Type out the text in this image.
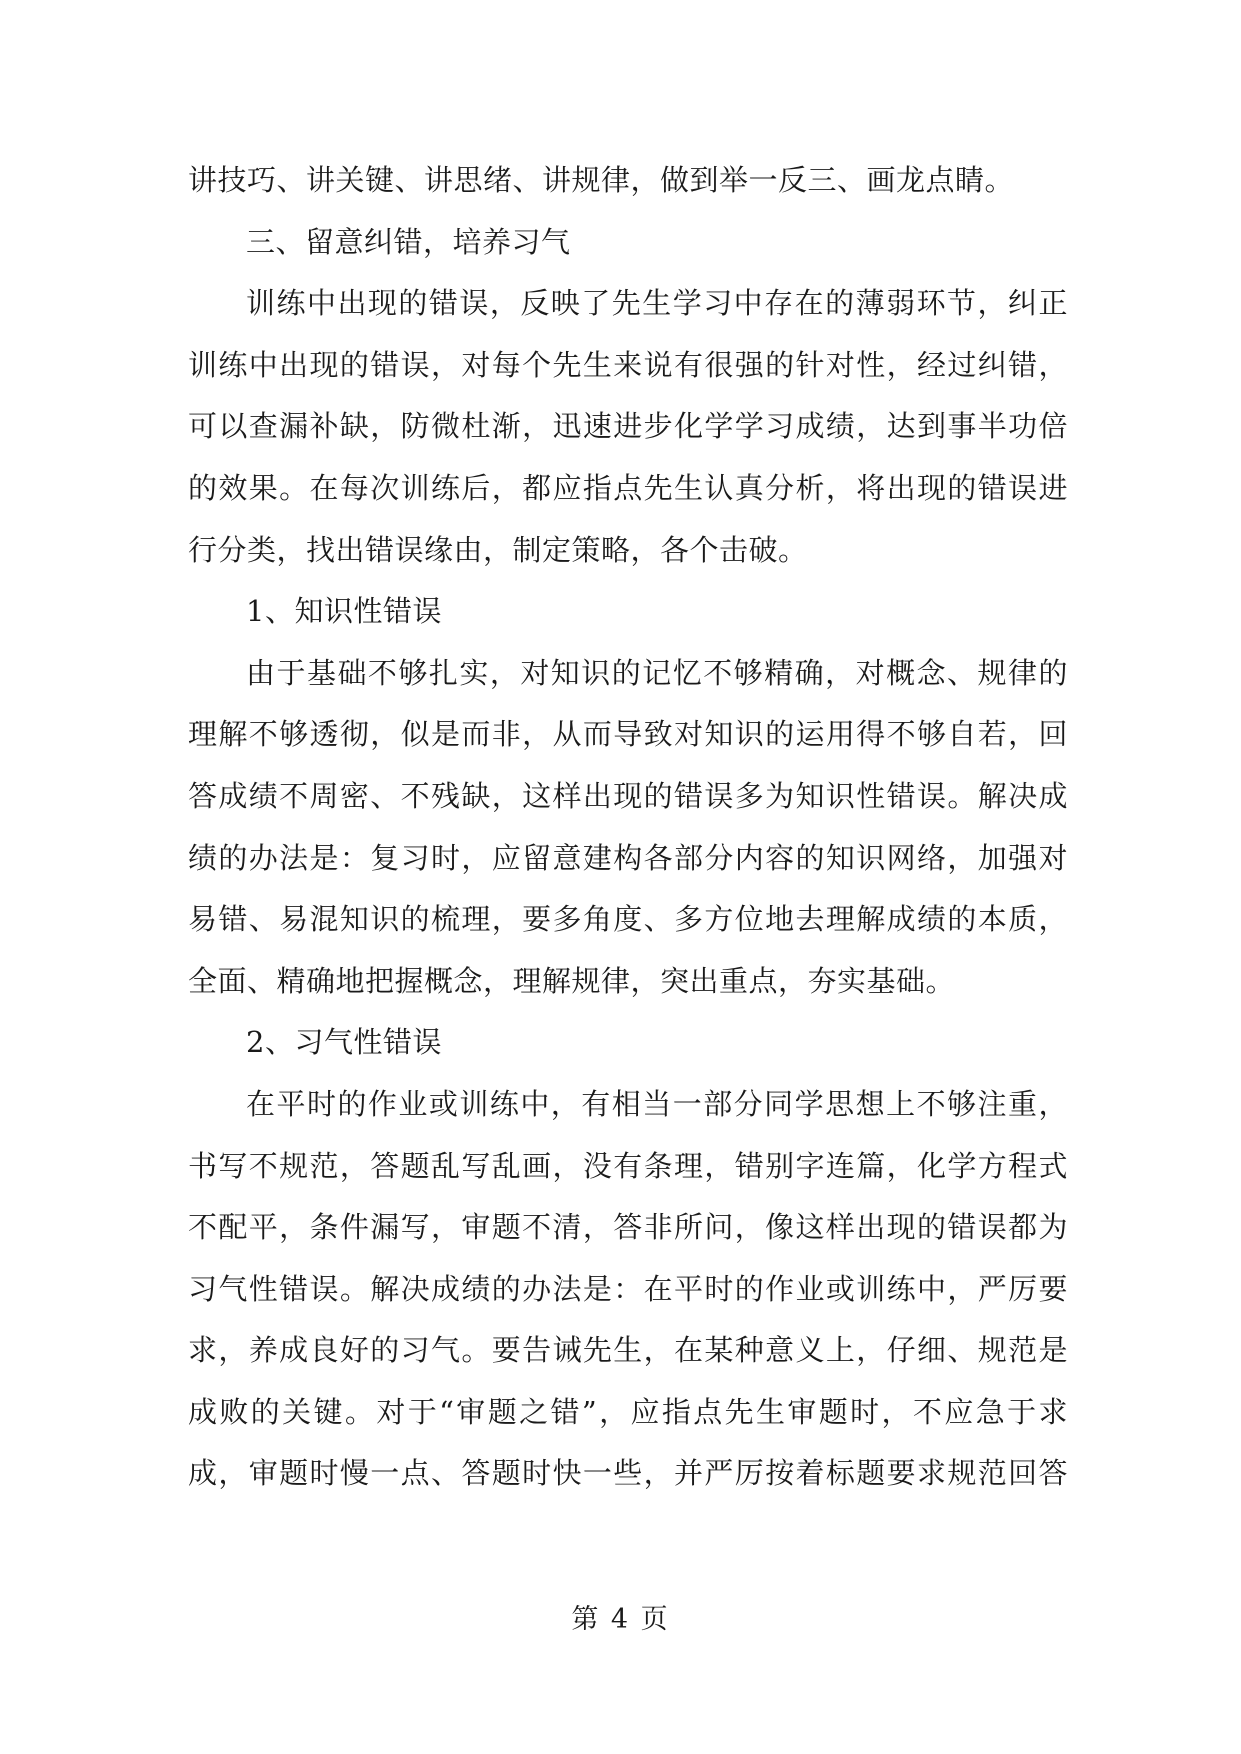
讲技巧、讲关键、讲思绪、讲规律，做到举一反三、画龙点睛。
三、留意纠错，培养习气
训练中出现的错误，反映了先生学习中存在的薄弱环节，纠正
训练中出现的错误，对每个先生来说有很强的针对性，经过纠错，
可以查漏补缺，防微杜渐，迅速进步化学学习成绩，达到事半功倍
的效果。在每次训练后，都应指点先生认真分析，将出现的错误进
行分类，找出错误缘由，制定策略，各个击破。
1、知识性错误
由于基础不够扎实，对知识的记忆不够精确，对概念、规律的
理解不够透彻，似是而非，从而导致对知识的运用得不够自若，回
答成绩不周密、不残缺，这样出现的错误多为知识性错误。解决成
绩的办法是：复习时，应留意建构各部分内容的知识网络，加强对
易错、易混知识的梳理，要多角度、多方位地去理解成绩的本质，
全面、精确地把握概念，理解规律，突出重点，夯实基础。
2、习气性错误
在平时的作业或训练中，有相当一部分同学思想上不够注重，
书写不规范，答题乱写乱画，没有条理，错别字连篇，化学方程式
不配平，条件漏写，审题不清，答非所问，像这样出现的错误都为
习气性错误。解决成绩的办法是：在平时的作业或训练中，严厉要
求，养成良好的习气。要告诫先生，在某种意义上，仔细、规范是
成败的关键。对于“审题之错”，应指点先生审题时，不应急于求
成，审题时慢一点、答题时快一些，并严厉按着标题要求规范回答
第 4 页
